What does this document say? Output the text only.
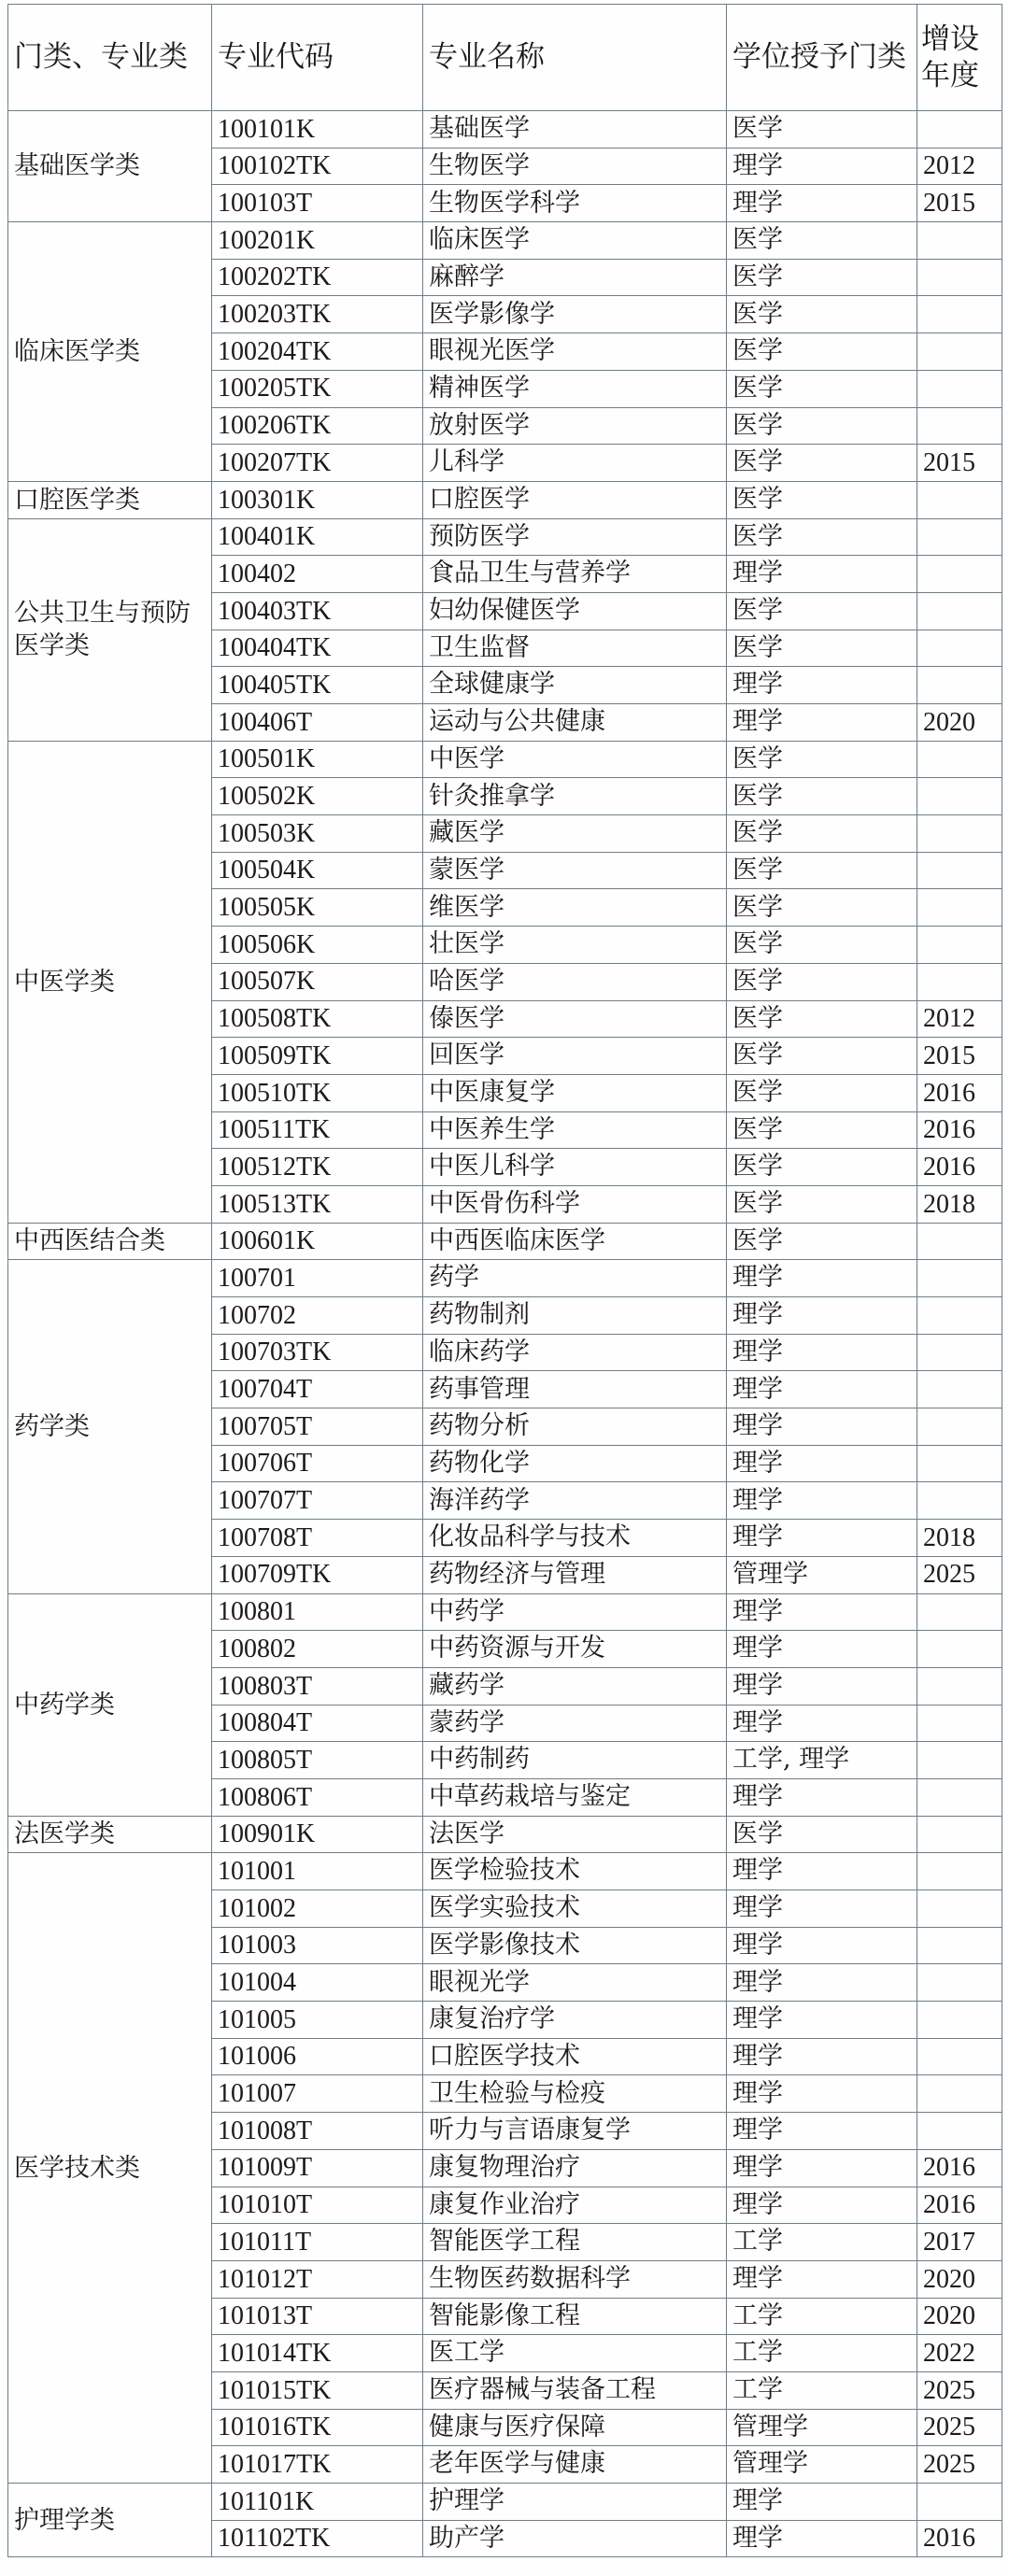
门类、专业类	专业代码	专业名称	学位授予门类	增设年度
基础医学类	100101K	基础医学	医学	
	100102TK	生物医学	理学	2012
	100103T	生物医学科学	理学	2015
临床医学类	100201K	临床医学	医学	
	100202TK	麻醉学	医学	
	100203TK	医学影像学	医学	
	100204TK	眼视光医学	医学	
	100205TK	精神医学	医学	
	100206TK	放射医学	医学	
	100207TK	儿科学	医学	2015
口腔医学类	100301K	口腔医学	医学	
公共卫生与预防医学类	100401K	预防医学	医学	
	100402	食品卫生与营养学	理学	
	100403TK	妇幼保健医学	医学	
	100404TK	卫生监督	医学	
	100405TK	全球健康学	理学	
	100406T	运动与公共健康	理学	2020
中医学类	100501K	中医学	医学	
	100502K	针灸推拿学	医学	
	100503K	藏医学	医学	
	100504K	蒙医学	医学	
	100505K	维医学	医学	
	100506K	壮医学	医学	
	100507K	哈医学	医学	
	100508TK	傣医学	医学	2012
	100509TK	回医学	医学	2015
	100510TK	中医康复学	医学	2016
	100511TK	中医养生学	医学	2016
	100512TK	中医儿科学	医学	2016
	100513TK	中医骨伤科学	医学	2018
中西医结合类	100601K	中西医临床医学	医学	
药学类	100701	药学	理学	
	100702	药物制剂	理学	
	100703TK	临床药学	理学	
	100704T	药事管理	理学	
	100705T	药物分析	理学	
	100706T	药物化学	理学	
	100707T	海洋药学	理学	
	100708T	化妆品科学与技术	理学	2018
	100709TK	药物经济与管理	管理学	2025
中药学类	100801	中药学	理学	
	100802	中药资源与开发	理学	
	100803T	藏药学	理学	
	100804T	蒙药学	理学	
	100805T	中药制药	工学, 理学	
	100806T	中草药栽培与鉴定	理学	
法医学类	100901K	法医学	医学	
医学技术类	101001	医学检验技术	理学	
	101002	医学实验技术	理学	
	101003	医学影像技术	理学	
	101004	眼视光学	理学	
	101005	康复治疗学	理学	
	101006	口腔医学技术	理学	
	101007	卫生检验与检疫	理学	
	101008T	听力与言语康复学	理学	
	101009T	康复物理治疗	理学	2016
	101010T	康复作业治疗	理学	2016
	101011T	智能医学工程	工学	2017
	101012T	生物医药数据科学	理学	2020
	101013T	智能影像工程	工学	2020
	101014TK	医工学	工学	2022
	101015TK	医疗器械与装备工程	工学	2025
	101016TK	健康与医疗保障	管理学	2025
	101017TK	老年医学与健康	管理学	2025
护理学类	101101K	护理学	理学	
	101102TK	助产学	理学	2016
